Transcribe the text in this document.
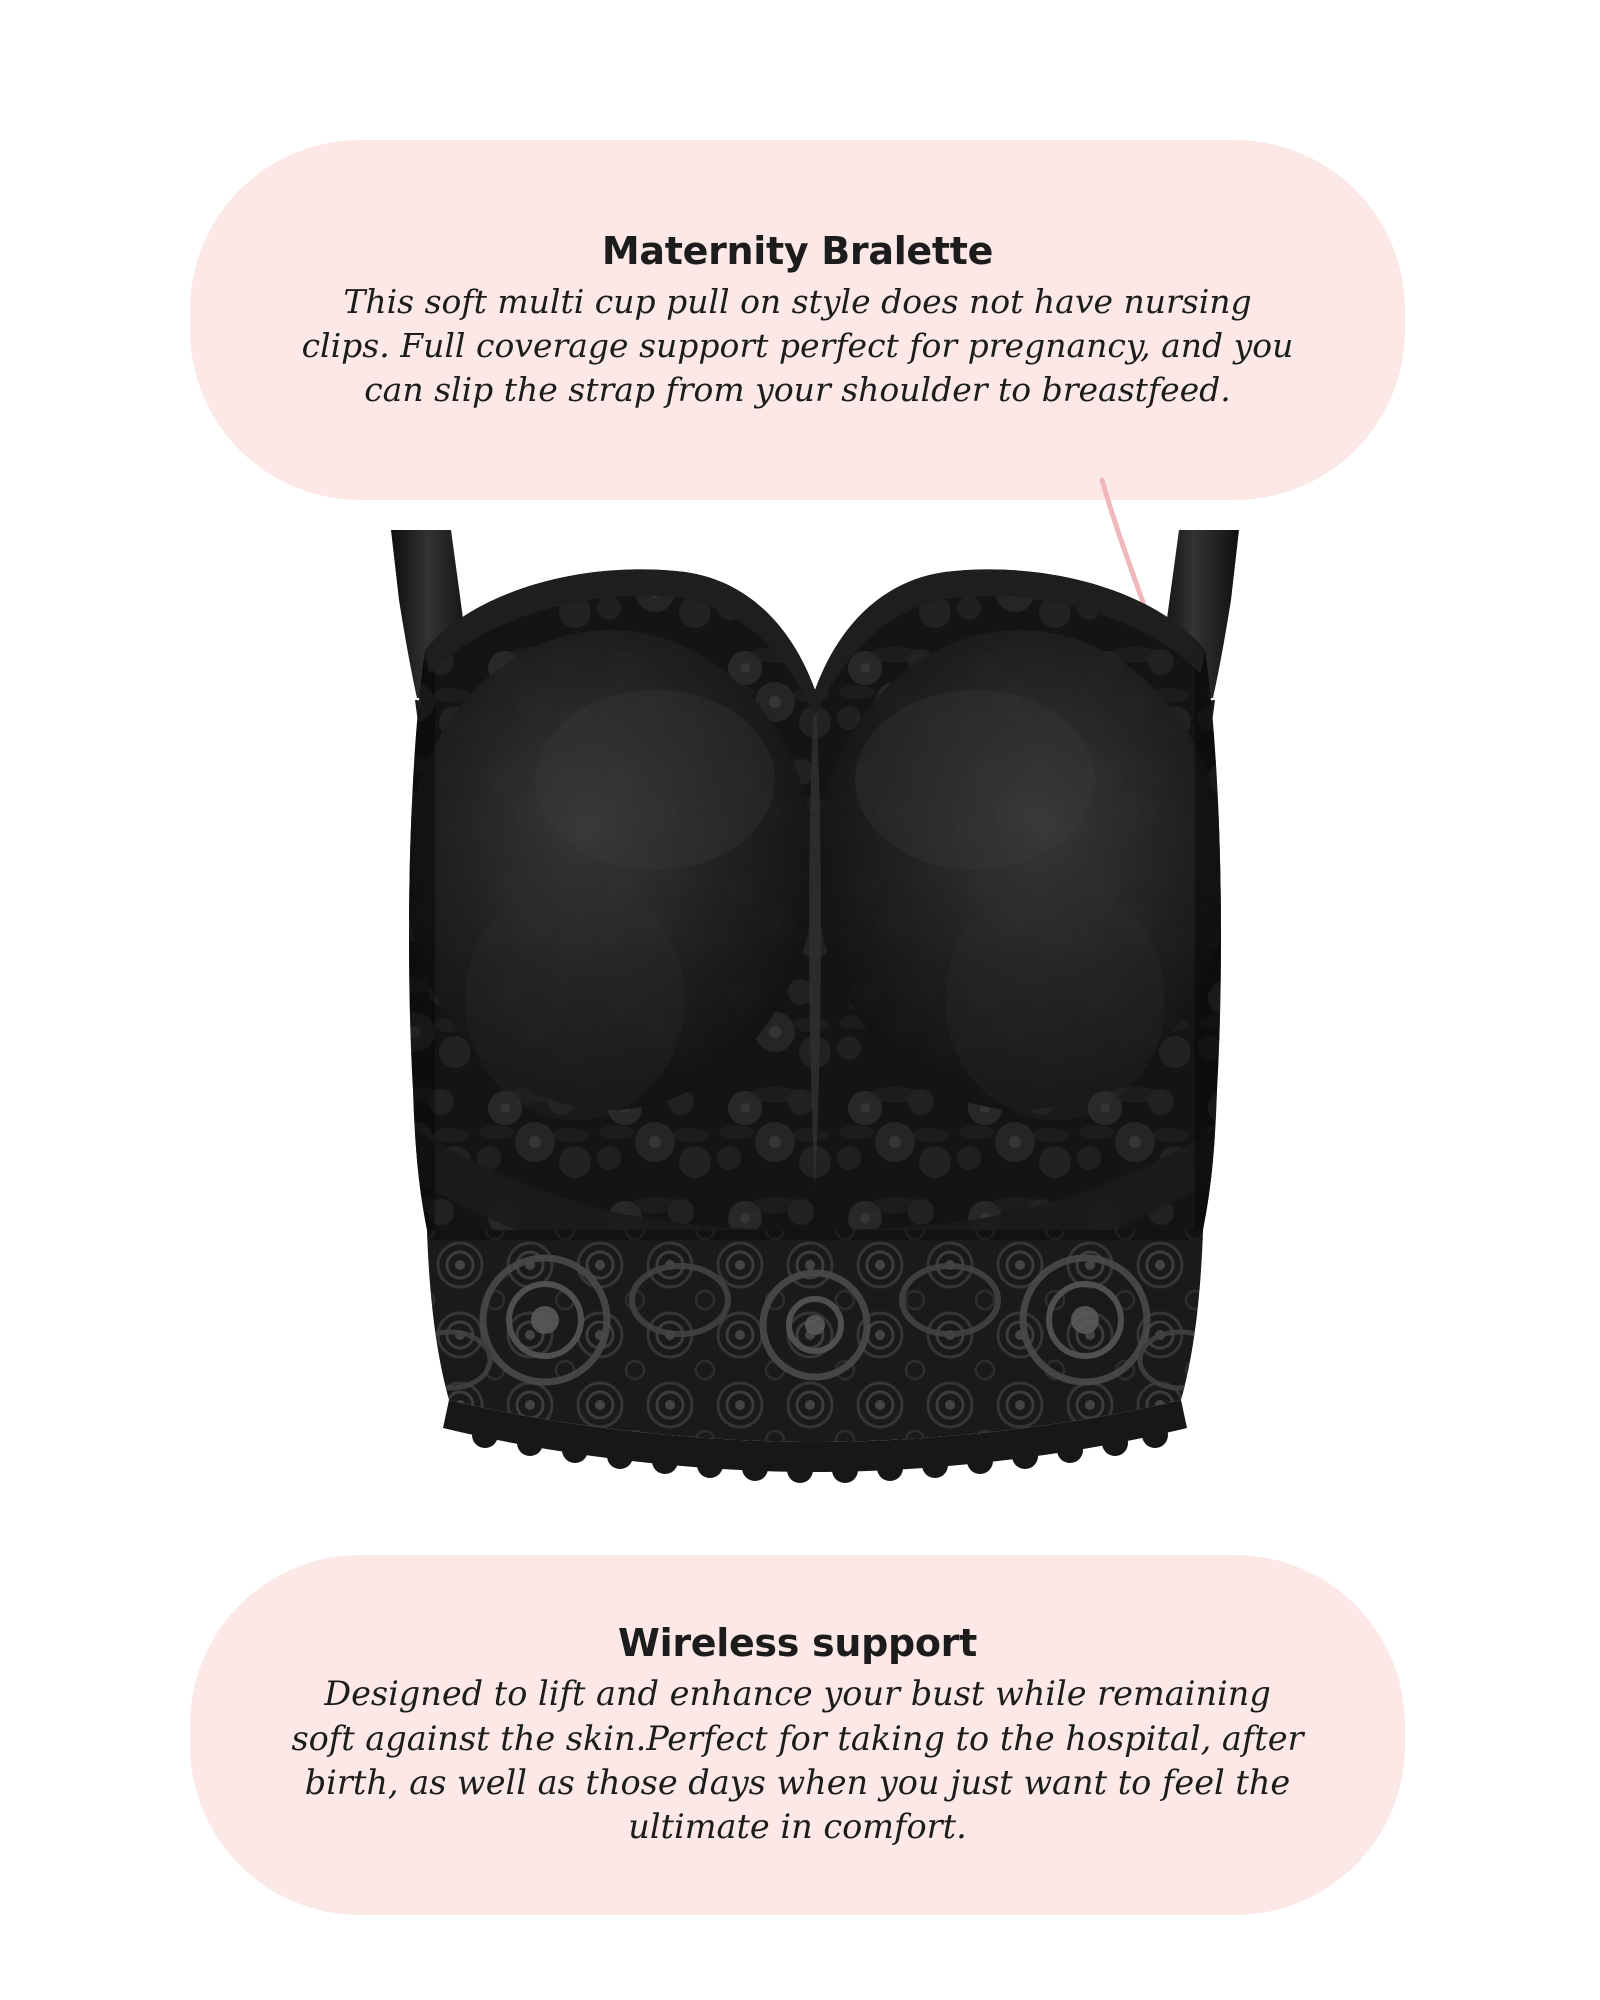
Maternity Bralette
This soft multi cup pull on style does not have nursing clips. Full coverage support perfect for pregnancy, and you can slip the strap from your shoulder to breastfeed.
Wireless support
Designed to lift and enhance your bust while remaining soft against the skin.Perfect for taking to the hospital, after birth, as well as those days when you just want to feel the ultimate in comfort.
